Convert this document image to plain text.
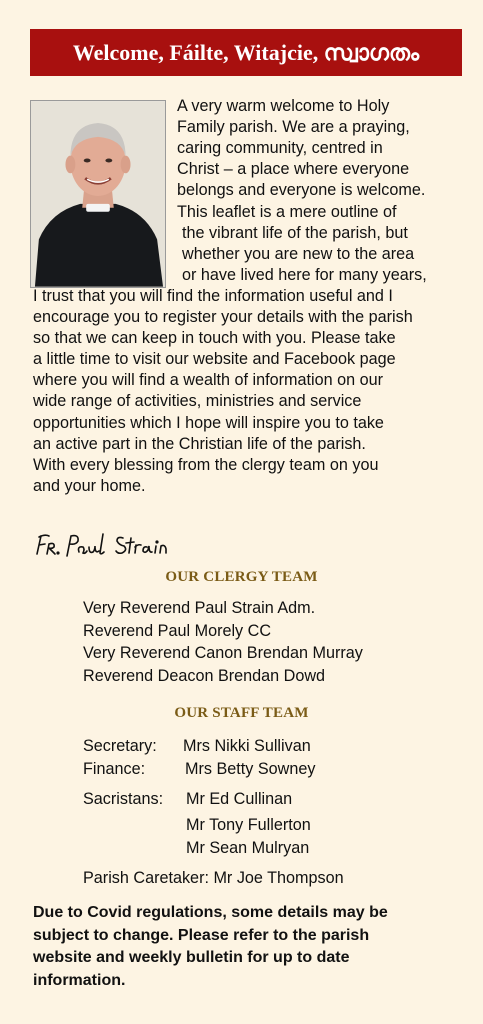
Welcome, Fáilte, Witajcie, സ്വാഗതം
A very warm welcome to Holy
Family parish. We are a praying,
caring community, centred in
Christ – a place where everyone
belongs and everyone is welcome.
This leaflet is a mere outline of
the vibrant life of the parish, but
whether you are new to the area
or have lived here for many years,
I trust that you will find the information useful and I
encourage you to register your details with the parish
so that we can keep in touch with you. Please take
a little time to visit our website and Facebook page
where you will find a wealth of information on our
wide range of activities, ministries and service
opportunities which I hope will inspire you to take
an active part in the Christian life of the parish.
With every blessing from the clergy team on you
and your home.
OUR CLERGY TEAM
Very Reverend Paul Strain Adm.
Reverend Paul Morely CC
Very Reverend Canon Brendan Murray
Reverend Deacon Brendan Dowd
OUR STAFF TEAM
Secretary: Mrs Nikki Sullivan
Finance: Mrs Betty Sowney
Sacristans: Mr Ed Cullinan
Mr Tony Fullerton
Mr Sean Mulryan
Parish Caretaker: Mr Joe Thompson
Due to Covid regulations, some details may be
subject to change. Please refer to the parish
website and weekly bulletin for up to date
information.
